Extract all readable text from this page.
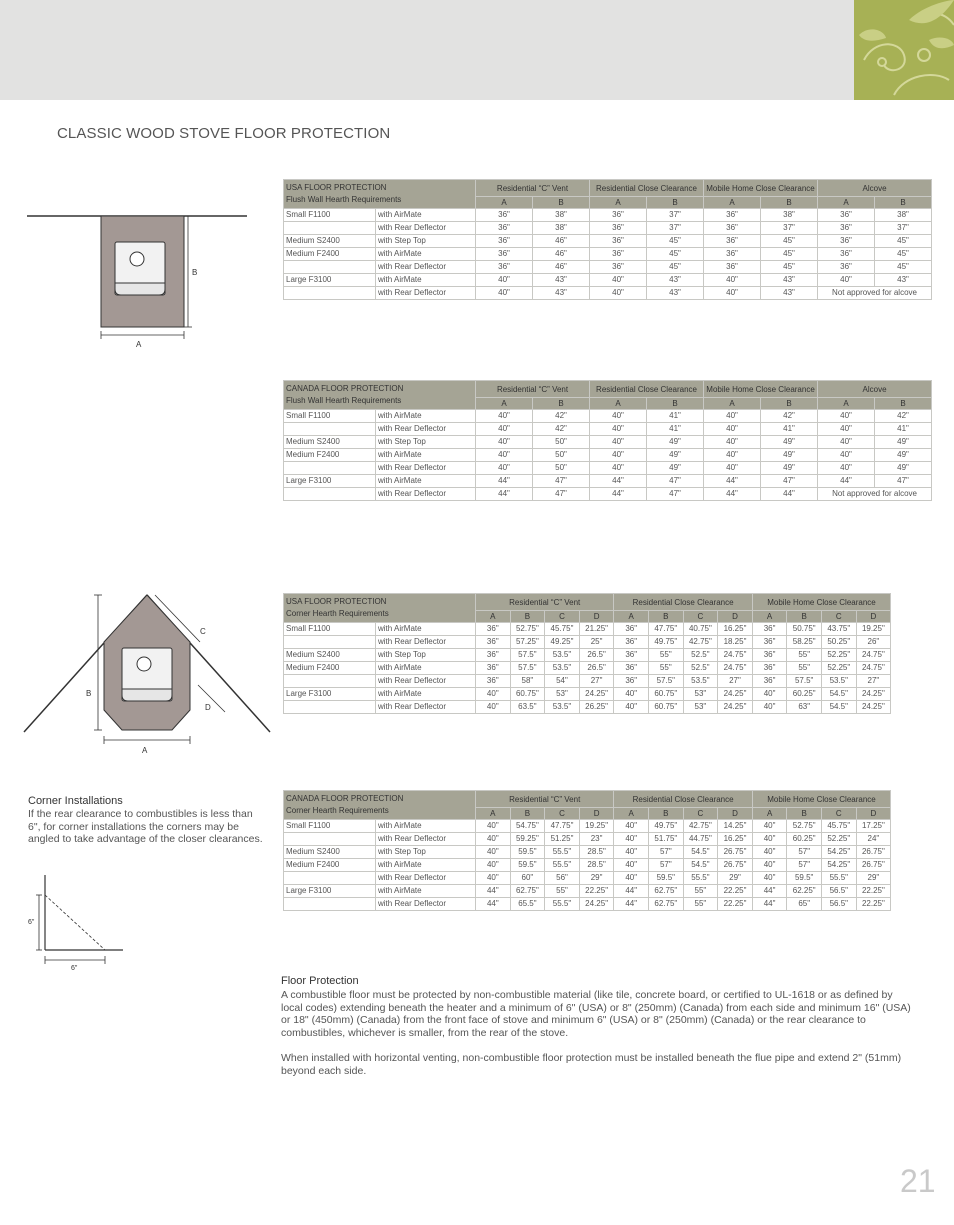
CLASSIC WOOD STOVE FLOOR PROTECTION
B
A
USA FLOOR PROTECTION
Flush Wall Hearth Requirements		Residential “C” Vent		Residential Close Clearance		Mobile Home Close Clearance		Alcove	
		A	B	A	B	A	B	A	B
Small F1100	with AirMate	36"	38"	36"	37"	36"	38"	36"	38"
	with Rear Deflector	36"	38"	36"	37"	36"	37"	36"	37"
Medium S2400	with Step Top	36"	46"	36"	45"	36"	45"	36"	45"
Medium F2400	with AirMate	36"	46"	36"	45"	36"	45"	36"	45"
	with Rear Deflector	36"	46"	36"	45"	36"	45"	36"	45"
Large F3100	with AirMate	40"	43"	40"	43"	40"	43"	40"	43"
	with Rear Deflector	40"	43"	40"	43"	40"	43"	Not approved for alcove	
CANADA FLOOR PROTECTION
Flush Wall Hearth Requirements		Residential “C” Vent		Residential Close Clearance		Mobile Home Close Clearance		Alcove	
		A	B	A	B	A	B	A	B
Small F1100	with AirMate	40"	42"	40"	41"	40"	42"	40"	42"
	with Rear Deflector	40"	42"	40"	41"	40"	41"	40"	41"
Medium S2400	with Step Top	40"	50"	40"	49"	40"	49"	40"	49"
Medium F2400	with AirMate	40"	50"	40"	49"	40"	49"	40"	49"
	with Rear Deflector	40"	50"	40"	49"	40"	49"	40"	49"
Large F3100	with AirMate	44"	47"	44"	47"	44"	47"	44"	47"
	with Rear Deflector	44"	47"	44"	47"	44"	44"	Not approved for alcove	
C
B
D
A
USA FLOOR PROTECTION
Corner Hearth Requirements		Residential “C” Vent				Residential Close Clearance				Mobile Home Close Clearance			
		A	B	C	D	A	B	C	D	A	B	C	D
Small F1100	with AirMate	36"	52.75"	45.75"	21.25"	36"	47.75"	40.75"	16.25"	36"	50.75"	43.75"	19.25"
	with Rear Deflector	36"	57.25"	49.25"	25"	36"	49.75"	42.75"	18.25"	36"	58.25"	50.25"	26"
Medium S2400	with Step Top	36"	57.5"	53.5"	26.5"	36"	55"	52.5"	24.75"	36"	55"	52.25"	24.75"
Medium F2400	with AirMate	36"	57.5"	53.5"	26.5"	36"	55"	52.5"	24.75"	36"	55"	52.25"	24.75"
	with Rear Deflector	36"	58"	54"	27"	36"	57.5"	53.5"	27"	36"	57.5"	53.5"	27"
Large F3100	with AirMate	40"	60.75"	53"	24.25"	40"	60.75"	53"	24.25"	40"	60.25"	54.5"	24.25"
	with Rear Deflector	40"	63.5"	53.5"	26.25"	40"	60.75"	53"	24.25"	40"	63"	54.5"	24.25"
CANADA FLOOR PROTECTION
Corner Hearth Requirements		Residential “C” Vent				Residential Close Clearance				Mobile Home Close Clearance			
		A	B	C	D	A	B	C	D	A	B	C	D
Small F1100	with AirMate	40"	54.75"	47.75"	19.25"	40"	49.75"	42.75"	14.25"	40"	52.75"	45.75"	17.25"
	with Rear Deflector	40"	59.25"	51.25"	23"	40"	51.75"	44.75"	16.25"	40"	60.25"	52.25"	24"
Medium S2400	with Step Top	40"	59.5"	55.5"	28.5"	40"	57"	54.5"	26.75"	40"	57"	54.25"	26.75"
Medium F2400	with AirMate	40"	59.5"	55.5"	28.5"	40"	57"	54.5"	26.75"	40"	57"	54.25"	26.75"
	with Rear Deflector	40"	60"	56"	29"	40"	59.5"	55.5"	29"	40"	59.5"	55.5"	29"
Large F3100	with AirMate	44"	62.75"	55"	22.25"	44"	62.75"	55"	22.25"	44"	62.25"	56.5"	22.25"
	with Rear Deflector	44"	65.5"	55.5"	24.25"	44"	62.75"	55"	22.25"	44"	65"	56.5"	22.25"
Corner Installations
If the rear clearance to combustibles is less than 6", for corner installations the corners may be angled to take advantage of the closer clearances.
6"
6"
Floor Protection
A combustible floor must be protected by non-combustible material (like tile, concrete board, or certified to UL-1618 or as defined by local codes) extending beneath the heater and a minimum of 6" (USA) or 8" (250mm) (Canada) from each side and minimum 16" (USA) or 18" (450mm) (Canada) from the front face of stove and minimum 6" (USA) or 8" (250mm) (Canada) or the rear clearance to combustibles, whichever is smaller, from the rear of the stove.
When installed with horizontal venting, non-combustible floor protection must be installed beneath the flue pipe and extend 2" (51mm) beyond each side.
21
